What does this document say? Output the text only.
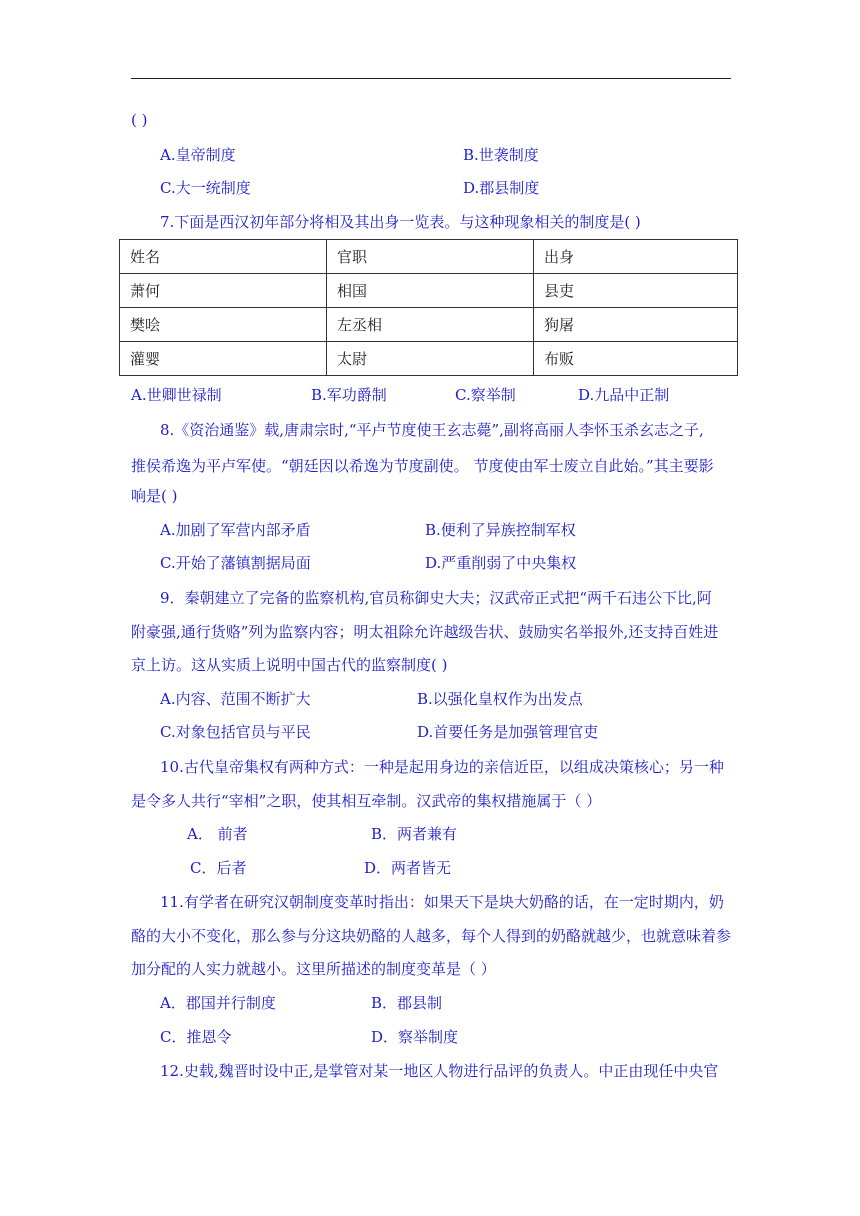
( )
A.皇帝制度	B.世袭制度
C.大一统制度	D.郡县制度
7.下面是西汉初年部分将相及其出身一览表。与这种现象相关的制度是( )
姓名	官职	出身
萧何	相国	县吏
樊哙	左丞相	狗屠
灌婴	太尉	布贩
A.世卿世禄制	B.军功爵制	C.察举制	D.九品中正制
8.《资治通鉴》载,唐肃宗时,“平卢节度使王玄志薨”,副将高丽人李怀玉杀玄志之子,
推侯希逸为平卢军使。“朝廷因以希逸为节度副使。 节度使由军士废立自此始。”其主要影
响是( )
A.加剧了军营内部矛盾	B.便利了异族控制军权
C.开始了藩镇割据局面	D.严重削弱了中央集权
9．秦朝建立了完备的监察机构,官员称御史大夫；汉武帝正式把“两千石违公下比,阿
附豪强,通行货赂”列为监察内容；明太祖除允许越级告状、鼓励实名举报外,还支持百姓进
京上访。这从实质上说明中国古代的监察制度( )
A.内容、范围不断扩大	B.以强化皇权作为出发点
C.对象包括官员与平民	D.首要任务是加强管理官吏
10.古代皇帝集权有两种方式：一种是起用身边的亲信近臣，以组成决策核心；另一种
是令多人共行“宰相”之职，使其相互牵制。汉武帝的集权措施属于（ ）
A． 前者	B．两者兼有
C．后者	D．两者皆无
11.有学者在研究汉朝制度变革时指出：如果天下是块大奶酪的话，在一定时期内，奶
酪的大小不变化，那么参与分这块奶酪的人越多，每个人得到的奶酪就越少，也就意味着参
加分配的人实力就越小。这里所描述的制度变革是（ ）
A．郡国并行制度	B．郡县制
C．推恩令	D．察举制度
12.史载,魏晋时设中正,是掌管对某一地区人物进行品评的负责人。中正由现任中央官
